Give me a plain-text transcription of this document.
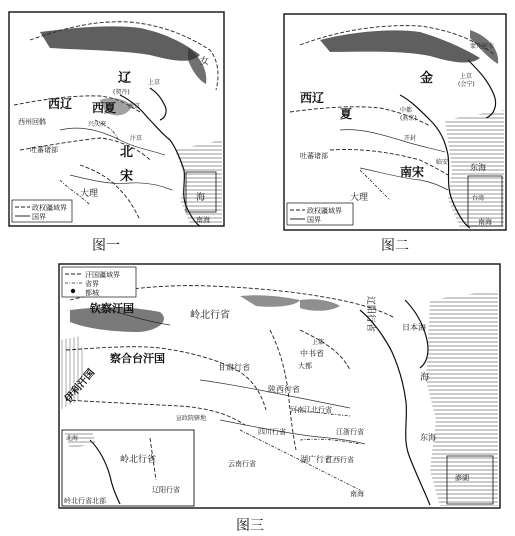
政权疆域界
国界
辽
(契丹)
上京
西州回鹘
西辽 西夏
兴庆府
南京
汴京
北
宋
吐蕃诸部
大理	海
南海
女
图一
政权疆域界
国界
西辽
金	上京
(会宁)
夏	中都
(燕京)
开封
吐蕃诸部
南宋
临安
大理
东海
南海
台湾
蒙兀室韦
图二
汗国疆域界
省界
都城
岭北行省
辽阳行省
北海
岭北行省北部
钦察汗国
察合台汗国
伊利汗国
岭北行省	辽阳行省
甘肃行省
陕西行省
中书省
上都
大都
河南江北行省
四川行省
湖广行省
江浙行省
江西行省
云南行省
宣政院辖地
日本海
东海
澎湖
南海
海
图三
